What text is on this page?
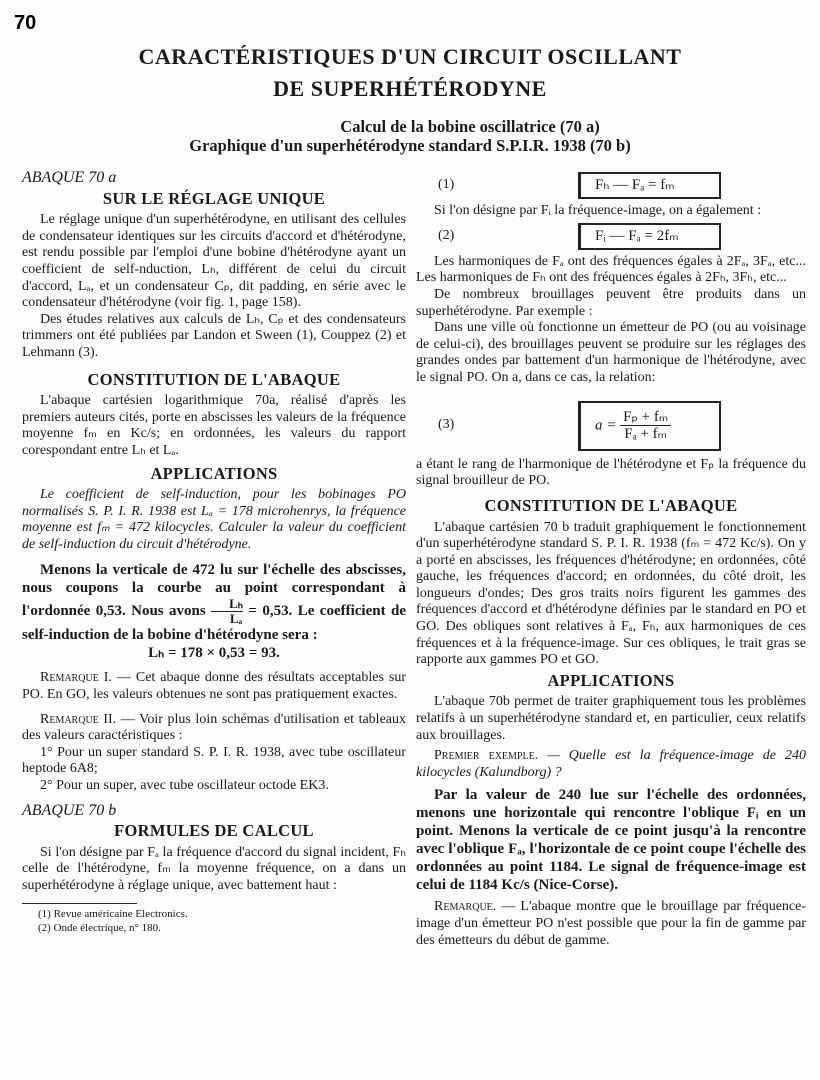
70
CARACTÉRISTIQUES D'UN CIRCUIT OSCILLANT
DE SUPERHÉTÉRODYNE
Calcul de la bobine oscillatrice (70 a)
Graphique d'un superhétérodyne standard S.P.I.R. 1938 (70 b)
ABAQUE 70 a
SUR LE RÉGLAGE UNIQUE

Le réglage unique d'un superhétérodyne, en utilisant des cellules de condensateur identiques sur les circuits d'accord et d'hétérodyne, est rendu possible par l'emploi d'une bobine d'hétérodyne ayant un coefficient de self-nduction, Lₕ, différent de celui du circuit d'accord, Lₐ, et un condensateur Cₚ, dit padding, en série avec le condensateur d'hétérodyne (voir fig. 1, page 158).

Des études relatives aux calculs de Lₕ, Cₚ et des condensateurs trimmers ont été publiées par Landon et Sween (1), Couppez (2) et Lehmann (3).

CONSTITUTION DE L'ABAQUE

L'abaque cartésien logarithmique 70a, réalisé d'après les premiers auteurs cités, porte en abscisses les valeurs de la fréquence moyenne fₘ en Kc/s; en ordonnées, les valeurs du rapport corespondant entre Lₕ et Lₐ.

APPLICATIONS

Le coefficient de self-induction, pour les bobinages PO normalisés S. P. I. R. 1938 est Lₐ = 178 microhenrys, la fréquence moyenne est fₘ = 472 kilocycles. Calculer la valeur du coefficient de self-induction du circuit d'hétérodyne.

Menons la verticale de 472 lu sur l'échelle des abscisses, nous coupons la courbe au point correspondant à l'ordonnée 0,53. Nous avons $\frac{\text{Lₕ}}{\text{Lₐ}} = 0,53$. Le coefficient de self-induction de la bobine d'hétérodyne sera :

Lₕ = 178 × 0,53 = 93.

Remarque I. — Cet abaque donne des résultats acceptables sur PO. En GO, les valeurs obtenues ne sont pas pratiquement exactes.

Remarque II. — Voir plus loin schémas d'utilisation et tableaux des valeurs caractéristiques :

1° Pour un super standard S. P. I. R. 1938, avec tube oscillateur heptode 6A8;

2° Pour un super, avec tube oscillateur octode EK3.

ABAQUE 70 b
FORMULES DE CALCUL

Si l'on désigne par Fₐ la fréquence d'accord du signal incident, Fₕ celle de l'hétérodyne, fₘ la moyenne fréquence, on a dans un superhétérodyne à réglage unique, avec battement haut :

(1) Revue américaine Electronics.
(2) Onde électrique, n° 180.
(1)	Fₕ — Fₐ = fₘ

Si l'on désigne par Fᵢ la fréquence-image, on a également :

(2)	Fᵢ — Fₐ = 2fₘ

Les harmoniques de Fₐ ont des fréquences égales à 2Fₐ, 3Fₐ, etc... Les harmoniques de Fₕ ont des fréquences égales à 2Fₕ, 3Fₕ, etc...

De nombreux brouillages peuvent être produits dans un superhétérodyne. Par exemple :

Dans une ville où fonctionne un émetteur de PO (ou au voisinage de celui-ci), des brouillages peuvent se produire sur les réglages des grandes ondes par battement d'un harmonique de l'hétérodyne, avec le signal PO. On a, dans ce cas, la relation:

(3)	$a = \frac{\text{Fₚ + fₘ}}{\text{Fₐ + fₘ}}$

a étant le rang de l'harmonique de l'hétérodyne et Fₚ la fréquence du signal brouilleur de PO.

CONSTITUTION DE L'ABAQUE

L'abaque cartésien 70 b traduit graphiquement le fonctionnement d'un superhétérodyne standard S. P. I. R. 1938 (fₘ = 472 Kc/s). On y a porté en abscisses, les fréquences d'hétérodyne; en ordonnées, côté gauche, les fréquences d'accord; en ordonnées, du côté droit, les longueurs d'ondes; Des gros traits noirs figurent les gammes des fréquences d'accord et d'hétérodyne définies par le standard en PO et GO. Des obliques sont relatives à Fₐ, Fₕ, aux harmoniques de ces fréquences et à la fréquence-image. Sur ces obliques, le trait gras se rapporte aux gammes PO et GO.

APPLICATIONS

L'abaque 70b permet de traiter graphiquement tous les problèmes relatifs à un superhétérodyne standard et, en particulier, ceux relatifs aux brouillages.

Premier exemple. — Quelle est la fréquence-image de 240 kilocycles (Kalundborg) ?

Par la valeur de 240 lue sur l'échelle des ordonnées, menons une horizontale qui rencontre l'oblique Fᵢ en un point. Menons la verticale de ce point jusqu'à la rencontre avec l'oblique Fₐ, l'horizontale de ce point coupe l'échelle des ordonnées au point 1184. Le signal de fréquence-image est celui de 1184 Kc/s (Nice-Corse).

Remarque. — L'abaque montre que le brouillage par fréquence-image d'un émetteur PO n'est possible que pour la fin de gamme par des émetteurs du début de gamme.
